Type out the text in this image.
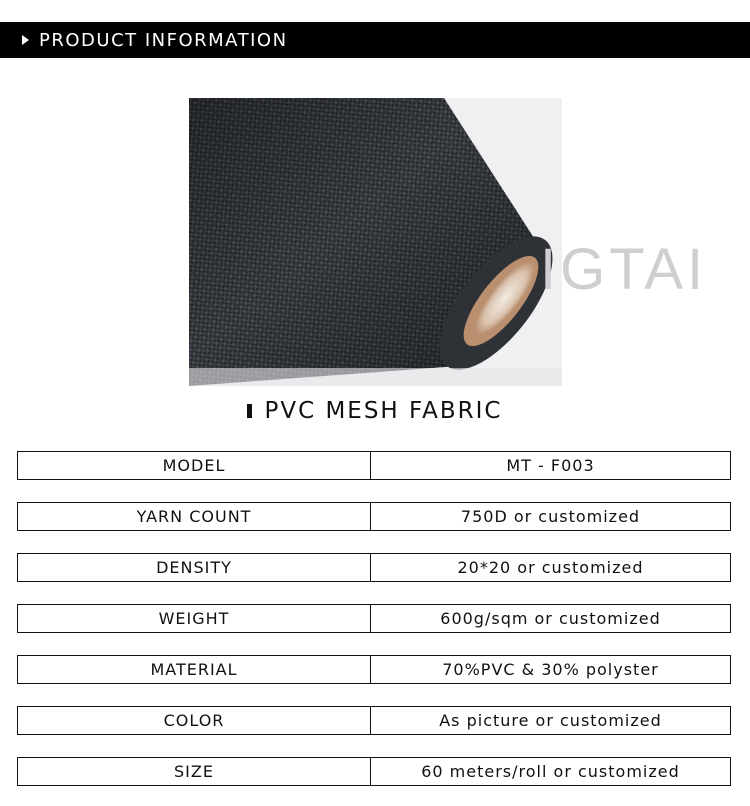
PRODUCT INFORMATION
IGTAI
PVC MESH FABRIC
MODEL	MT - F003
YARN COUNT	750D or customized
DENSITY	20*20 or customized
WEIGHT	600g/sqm or customized
MATERIAL	70%PVC & 30% polyster
COLOR	As picture or customized
SIZE	60 meters/roll or customized
